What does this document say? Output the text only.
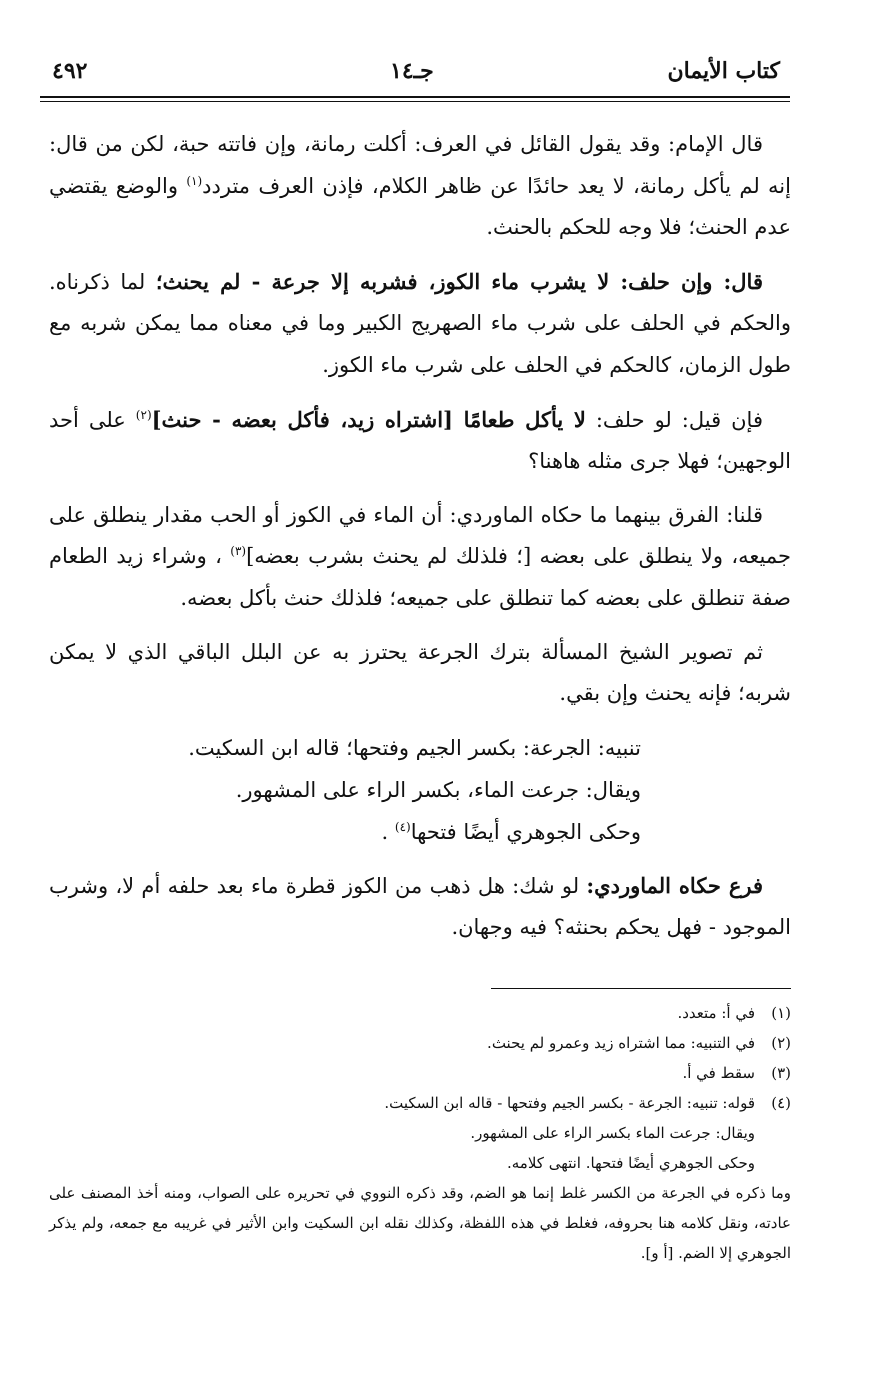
٤٩٢	جـ١٤	كتاب الأيمان

قال الإمام: وقد يقول القائل في العرف: أكلت رمانة، وإن فاتته حبة، لكن من قال: إنه لم يأكل رمانة، لا يعد حائدًا عن ظاهر الكلام، فإذن العرف متردد$^{(١)}$ والوضع يقتضي عدم الحنث؛ فلا وجه للحكم بالحنث.

قال: وإن حلف: لا يشرب ماء الكوز، فشربه إلا جرعة - لم يحنث؛ لما ذكرناه. والحكم في الحلف على شرب ماء الصهريج الكبير وما في معناه مما يمكن شربه مع طول الزمان، كالحكم في الحلف على شرب ماء الكوز.

فإن قيل: لو حلف: لا يأكل طعامًا [اشتراه زيد، فأكل بعضه - حنث]$^{(٢)}$ على أحد الوجهين؛ فهلا جرى مثله هاهنا؟

قلنا: الفرق بينهما ما حكاه الماوردي: أن الماء في الكوز أو الحب مقدار ينطلق على جميعه، ولا ينطلق على بعضه [؛ فلذلك لم يحنث بشرب بعضه]$^{(٣)}$ ، وشراء زيد الطعام صفة تنطلق على بعضه كما تنطلق على جميعه؛ فلذلك حنث بأكل بعضه.

ثم تصوير الشيخ المسألة بترك الجرعة يحترز به عن البلل الباقي الذي لا يمكن شربه؛ فإنه يحنث وإن بقي.

تنبيه: الجرعة: بكسر الجيم وفتحها؛ قاله ابن السكيت.

ويقال: جرعت الماء، بكسر الراء على المشهور.

وحكى الجوهري أيضًا فتحها$^{(٤)}$ .

فرع حكاه الماوردي: لو شك: هل ذهب من الكوز قطرة ماء بعد حلفه أم لا، وشرب الموجود - فهل يحكم بحنثه؟ فيه وجهان.

(١)في أ: متعدد.

(٢)في التنبيه: مما اشتراه زيد وعمرو لم يحنث.

(٣)سقط في أ.

(٤)قوله: تنبيه: الجرعة - بكسر الجيم وفتحها - قاله ابن السكيت.

ويقال: جرعت الماء بكسر الراء على المشهور.

وحكى الجوهري أيضًا فتحها. انتهى كلامه.

وما ذكره في الجرعة من الكسر غلط إنما هو الضم، وقد ذكره النووي في تحريره على الصواب، ومنه أخذ المصنف على عادته، ونقل كلامه هنا بحروفه، فغلط في هذه اللفظة، وكذلك نقله ابن السكيت وابن الأثير في غريبه مع جمعه، ولم يذكر الجوهري إلا الضم. [أ و].
